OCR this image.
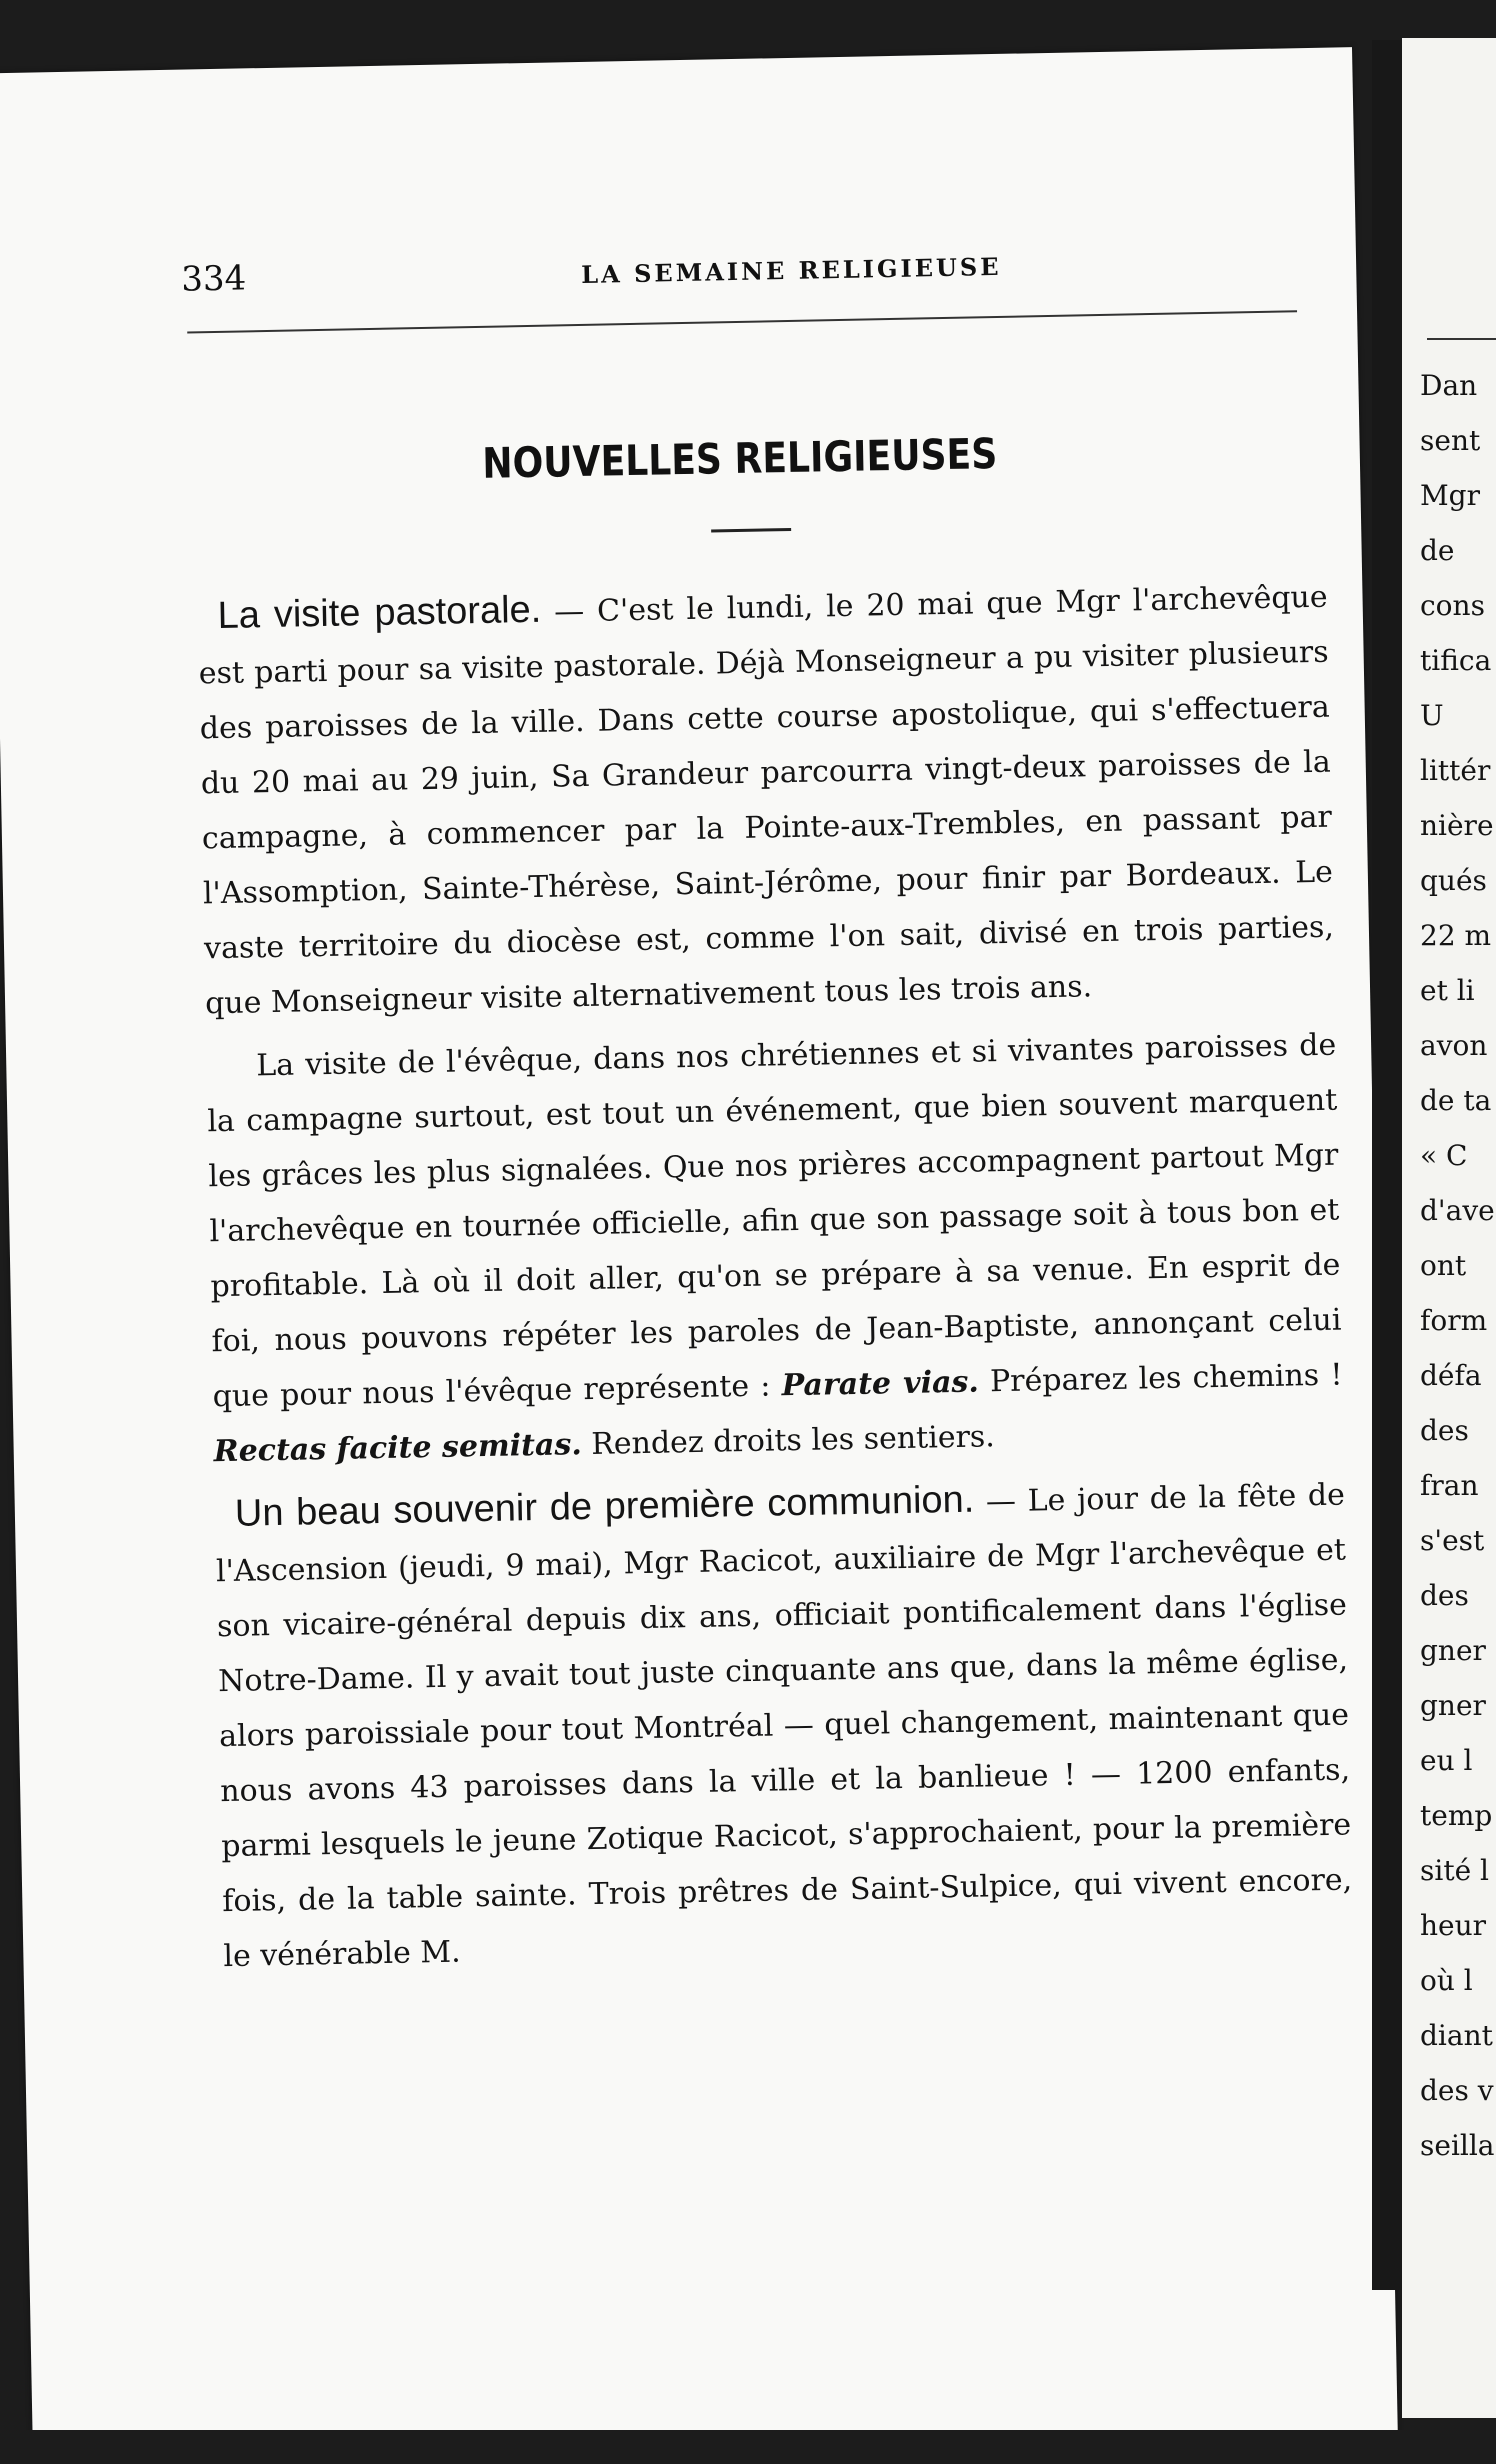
334	LA SEMAINE RELIGIEUSE
NOUVELLES RELIGIEUSES

La visite pastorale. — C'est le lundi, le 20 mai que Mgr l'archevêque est parti pour sa visite pastorale. Déjà Monseigneur a pu visiter plusieurs des paroisses de la ville. Dans cette course apostolique, qui s'effectuera du 20 mai au 29 juin, Sa Grandeur parcourra vingt-deux paroisses de la campagne, à commencer par la Pointe-aux-Trembles, en passant par l'Assomption, Sainte-Thérèse, Saint-Jérôme, pour finir par Bordeaux. Le vaste territoire du diocèse est, comme l'on sait, divisé en trois parties, que Monseigneur visite alternativement tous les trois ans.

La visite de l'évêque, dans nos chrétiennes et si vivantes paroisses de la campagne surtout, est tout un événement, que bien souvent marquent les grâces les plus signalées. Que nos prières accompagnent partout Mgr l'archevêque en tournée officielle, afin que son passage soit à tous bon et profitable. Là où il doit aller, qu'on se prépare à sa venue. En esprit de foi, nous pouvons répéter les paroles de Jean-Baptiste, annonçant celui que pour nous l'évêque représente : Parate vias. Préparez les chemins ! Rectas facite semitas. Rendez droits les sentiers.

Un beau souvenir de première communion. — Le jour de la fête de l'Ascension (jeudi, 9 mai), Mgr Racicot, auxiliaire de Mgr l'archevêque et son vicaire-général depuis dix ans, officiait pontificalement dans l'église Notre-Dame. Il y avait tout juste cinquante ans que, dans la même église, alors paroissiale pour tout Montréal — quel changement, maintenant que nous avons 43 paroisses dans la ville et la banlieue ! — 1200 enfants, parmi lesquels le jeune Zotique Racicot, s'approchaient, pour la première fois, de la table sainte. Trois prêtres de Saint-Sulpice, qui vivent encore, le vénérable M.

Dan
sent
Mgr
de
cons
tifica
U
littér
nière
qués
22 m
et li
avon
de ta
« C
d'ave
ont
form
défa
des
fran
s'est
des
gner
gner
eu l
temp
sité l
heur
où l
diant
des v
seilla
